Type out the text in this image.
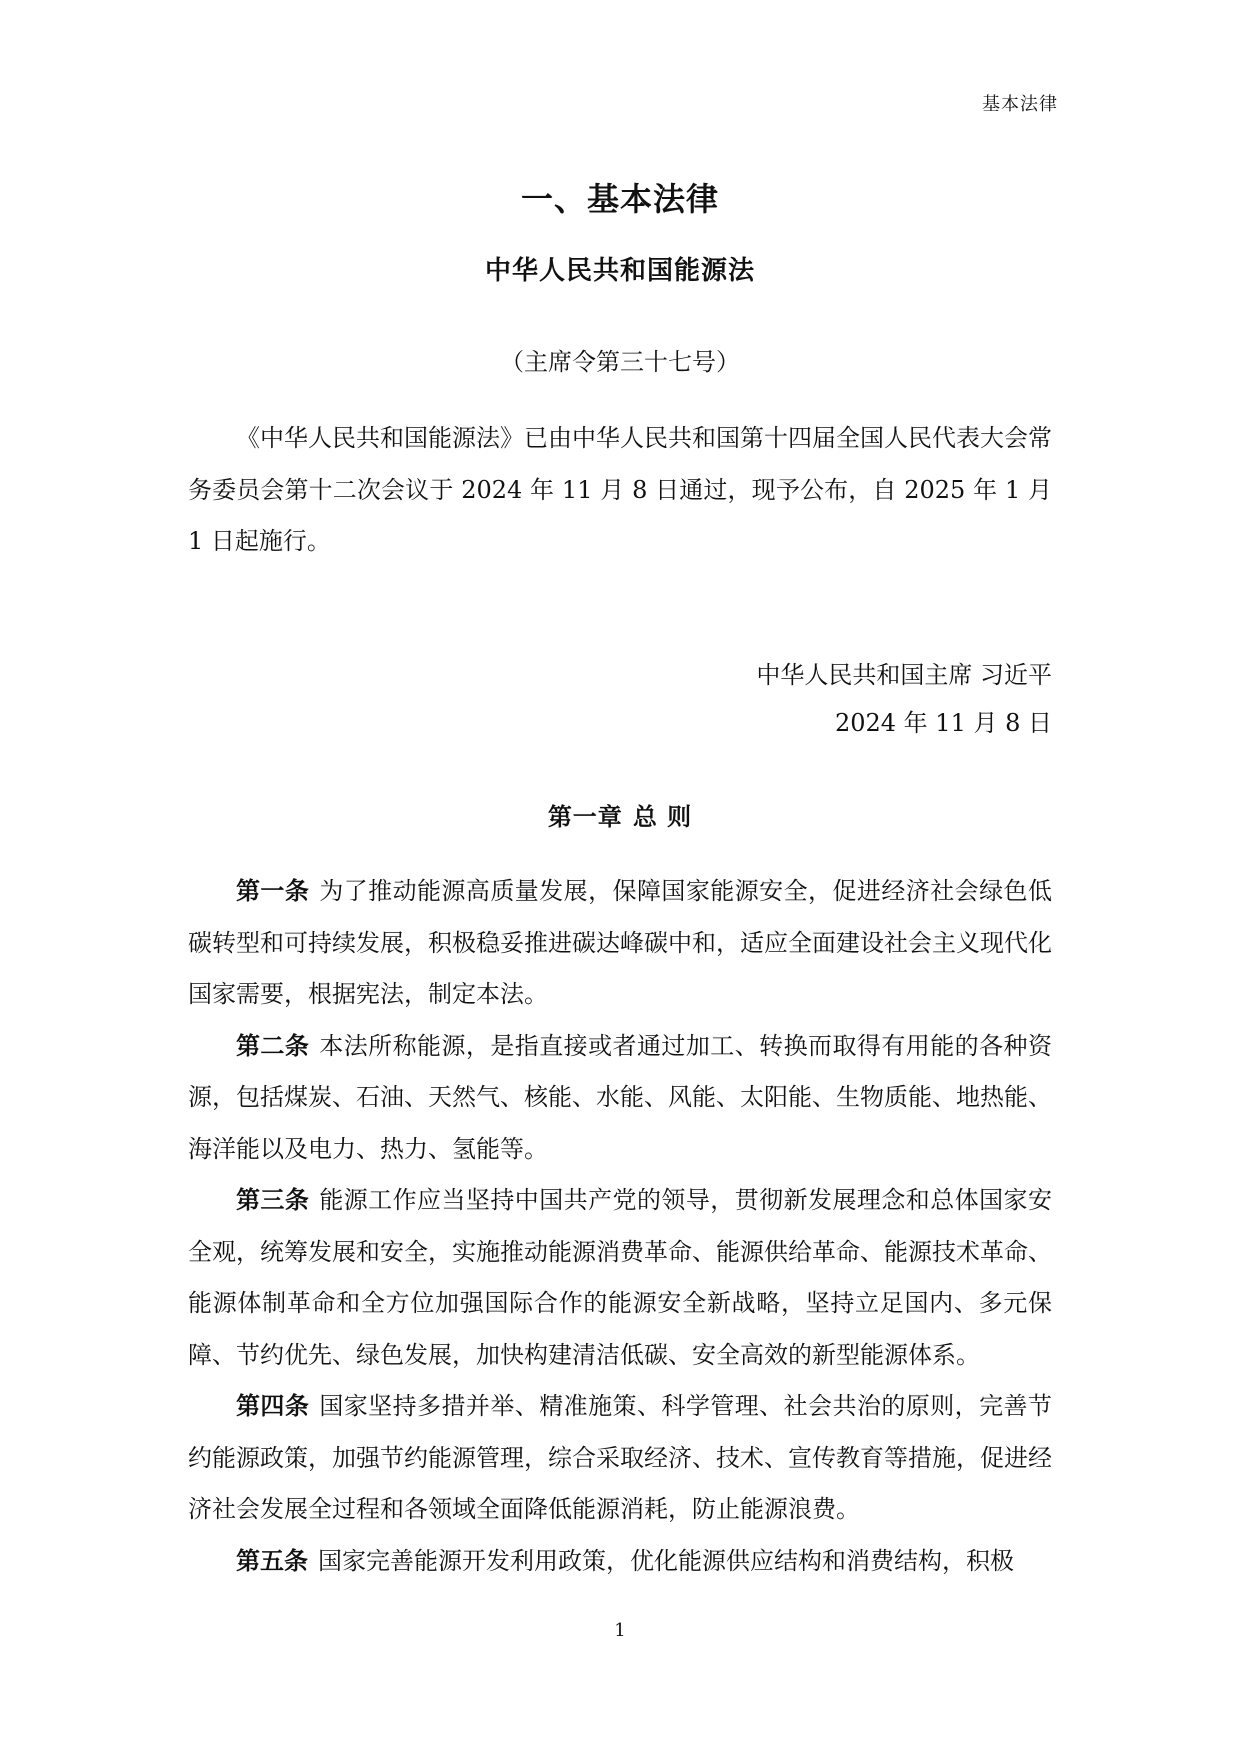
基本法律
一、基本法律
中华人民共和国能源法
（主席令第三十七号）

《中华人民共和国能源法》已由中华人民共和国第十四届全国人民代表大会常务委员会第十二次会议于 2024 年 11 月 8 日通过，现予公布，自 2025 年 1 月 1 日起施行。

中华人民共和国主席 习近平
2024 年 11 月 8 日
第一章 总 则

第一条 为了推动能源高质量发展，保障国家能源安全，促进经济社会绿色低碳转型和可持续发展，积极稳妥推进碳达峰碳中和，适应全面建设社会主义现代化国家需要，根据宪法，制定本法。

第二条 本法所称能源，是指直接或者通过加工、转换而取得有用能的各种资源，包括煤炭、石油、天然气、核能、水能、风能、太阳能、生物质能、地热能、海洋能以及电力、热力、氢能等。

第三条 能源工作应当坚持中国共产党的领导，贯彻新发展理念和总体国家安全观，统筹发展和安全，实施推动能源消费革命、能源供给革命、能源技术革命、能源体制革命和全方位加强国际合作的能源安全新战略，坚持立足国内、多元保障、节约优先、绿色发展，加快构建清洁低碳、安全高效的新型能源体系。

第四条 国家坚持多措并举、精准施策、科学管理、社会共治的原则，完善节约能源政策，加强节约能源管理，综合采取经济、技术、宣传教育等措施，促进经济社会发展全过程和各领域全面降低能源消耗，防止能源浪费。

第五条 国家完善能源开发利用政策，优化能源供应结构和消费结构，积极

1
